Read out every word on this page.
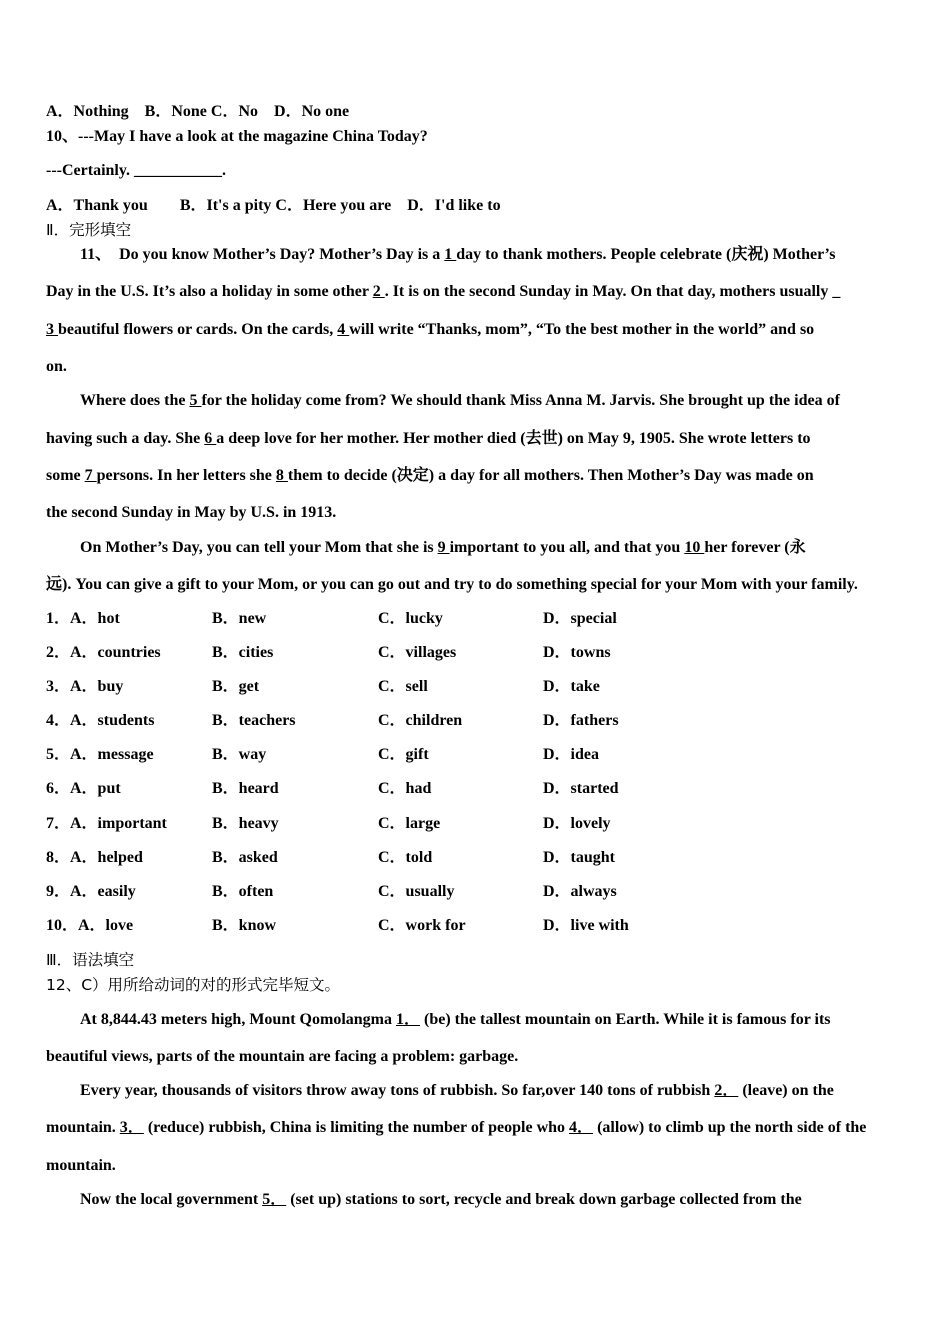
A．Nothing　B．None C．No　D．No one
10、---May I have a look at the magazine China Today?
---Certainly. ___________.
A．Thank you　　B．It's a pity C．Here you are　D．I'd like to
Ⅱ．完形填空
11、　Do you know Mother’s Day? Mother’s Day is a 1 day to thank mothers. People celebrate (庆祝) Mother’s
Day in the U.S. It’s also a holiday in some other 2 . It is on the second Sunday in May. On that day, mothers usually _
3 beautiful flowers or cards. On the cards, 4 will write “Thanks, mom”, “To the best mother in the world” and so
on.
Where does the 5 for the holiday come from? We should thank Miss Anna M. Jarvis. She brought up the idea of
having such a day. She 6 a deep love for her mother. Her mother died (去世) on May 9, 1905. She wrote letters to
some 7 persons. In her letters she 8 them to decide (决定) a day for all mothers. Then Mother’s Day was made on
the second Sunday in May by U.S. in 1913.
On Mother’s Day, you can tell your Mom that she is 9 important to you all, and that you 10 her forever (永
远). You can give a gift to your Mom, or you can go out and try to do something special for your Mom with your family.
1．A．hot	B．new	C．lucky	D．special
2．A．countries	B．cities	C．villages	D．towns
3．A．buy	B．get	C．sell	D．take
4．A．students	B．teachers	C．children	D．fathers
5．A．message	B．way	C．gift	D．idea
6．A．put	B．heard	C．had	D．started
7．A．important	B．heavy	C．large	D．lovely
8．A．helped	B．asked	C．told	D．taught
9．A．easily	B．often	C．usually	D．always
10．A．love	B．know	C．work for	D．live with
Ⅲ．语法填空
12、C）用所给动词的对的形式完毕短文。
At 8,844.43 meters high, Mount Qomolangma 1． (be) the tallest mountain on Earth. While it is famous for its
beautiful views, parts of the mountain are facing a problem: garbage.
Every year, thousands of visitors throw away tons of rubbish. So far,over 140 tons of rubbish 2． (leave) on the
mountain. 3． (reduce) rubbish, China is limiting the number of people who 4． (allow) to climb up the north side of the
mountain.
Now the local government 5． (set up) stations to sort, recycle and break down garbage collected from the
